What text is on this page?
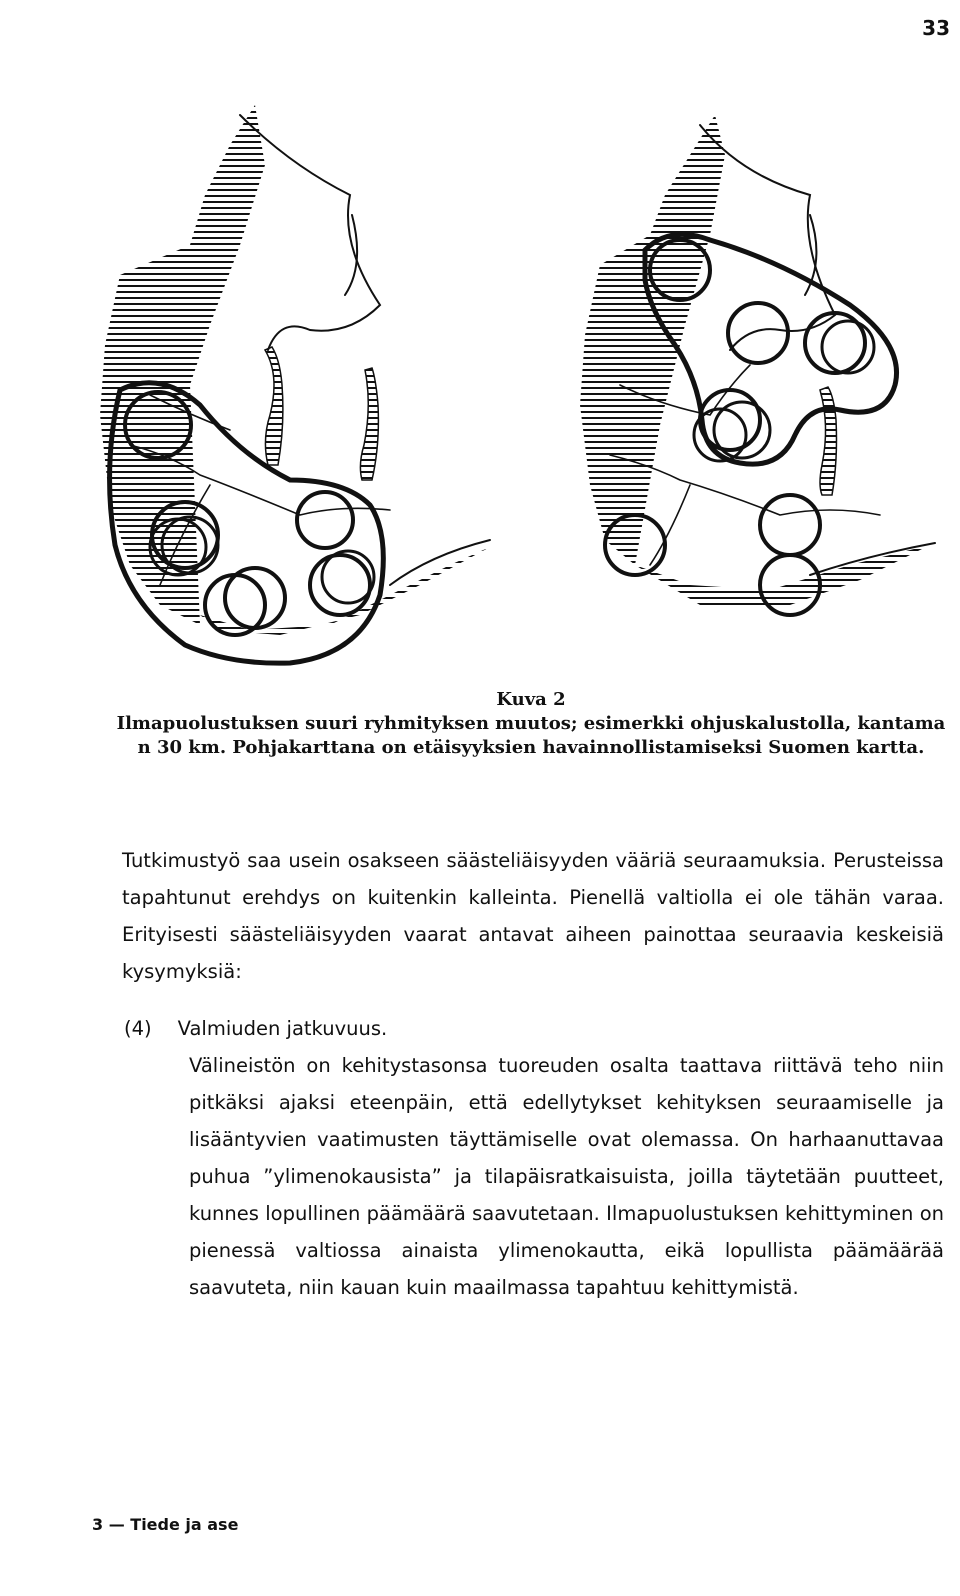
33
Kuva 2
Ilmapuolustuksen suuri ryhmityksen muutos; esimerkki ohjuskalustolla, kantama n 30 km. Pohjakarttana on etäisyyksien havainnollistamiseksi Suomen kartta.
Tutkimustyö saa usein osakseen säästeliäisyyden vääriä seuraamuksia. Perusteissa tapahtunut erehdys on kuitenkin kalleinta. Pienellä valtiolla ei ole tähän varaa. Erityisesti säästeliäisyyden vaarat antavat aiheen painottaa seuraavia keskeisiä kysymyksiä:
(4) Valmiuden jatkuvuus.
Välineistön on kehitystasonsa tuoreuden osalta taattava riittävä teho niin pitkäksi ajaksi eteenpäin, että edellytykset kehityksen seuraamiselle ja lisääntyvien vaatimusten täyttämiselle ovat olemassa. On harhaanuttavaa puhua ”ylimenokausista” ja tilapäisratkaisuista, joilla täytetään puutteet, kunnes lopullinen päämäärä saavutetaan. Ilmapuolustuksen kehittyminen on pienessä valtiossa ainaista ylimenokautta, eikä lopullista päämäärää saavuteta, niin kauan kuin maailmassa tapahtuu kehittymistä.
3 — Tiede ja ase
